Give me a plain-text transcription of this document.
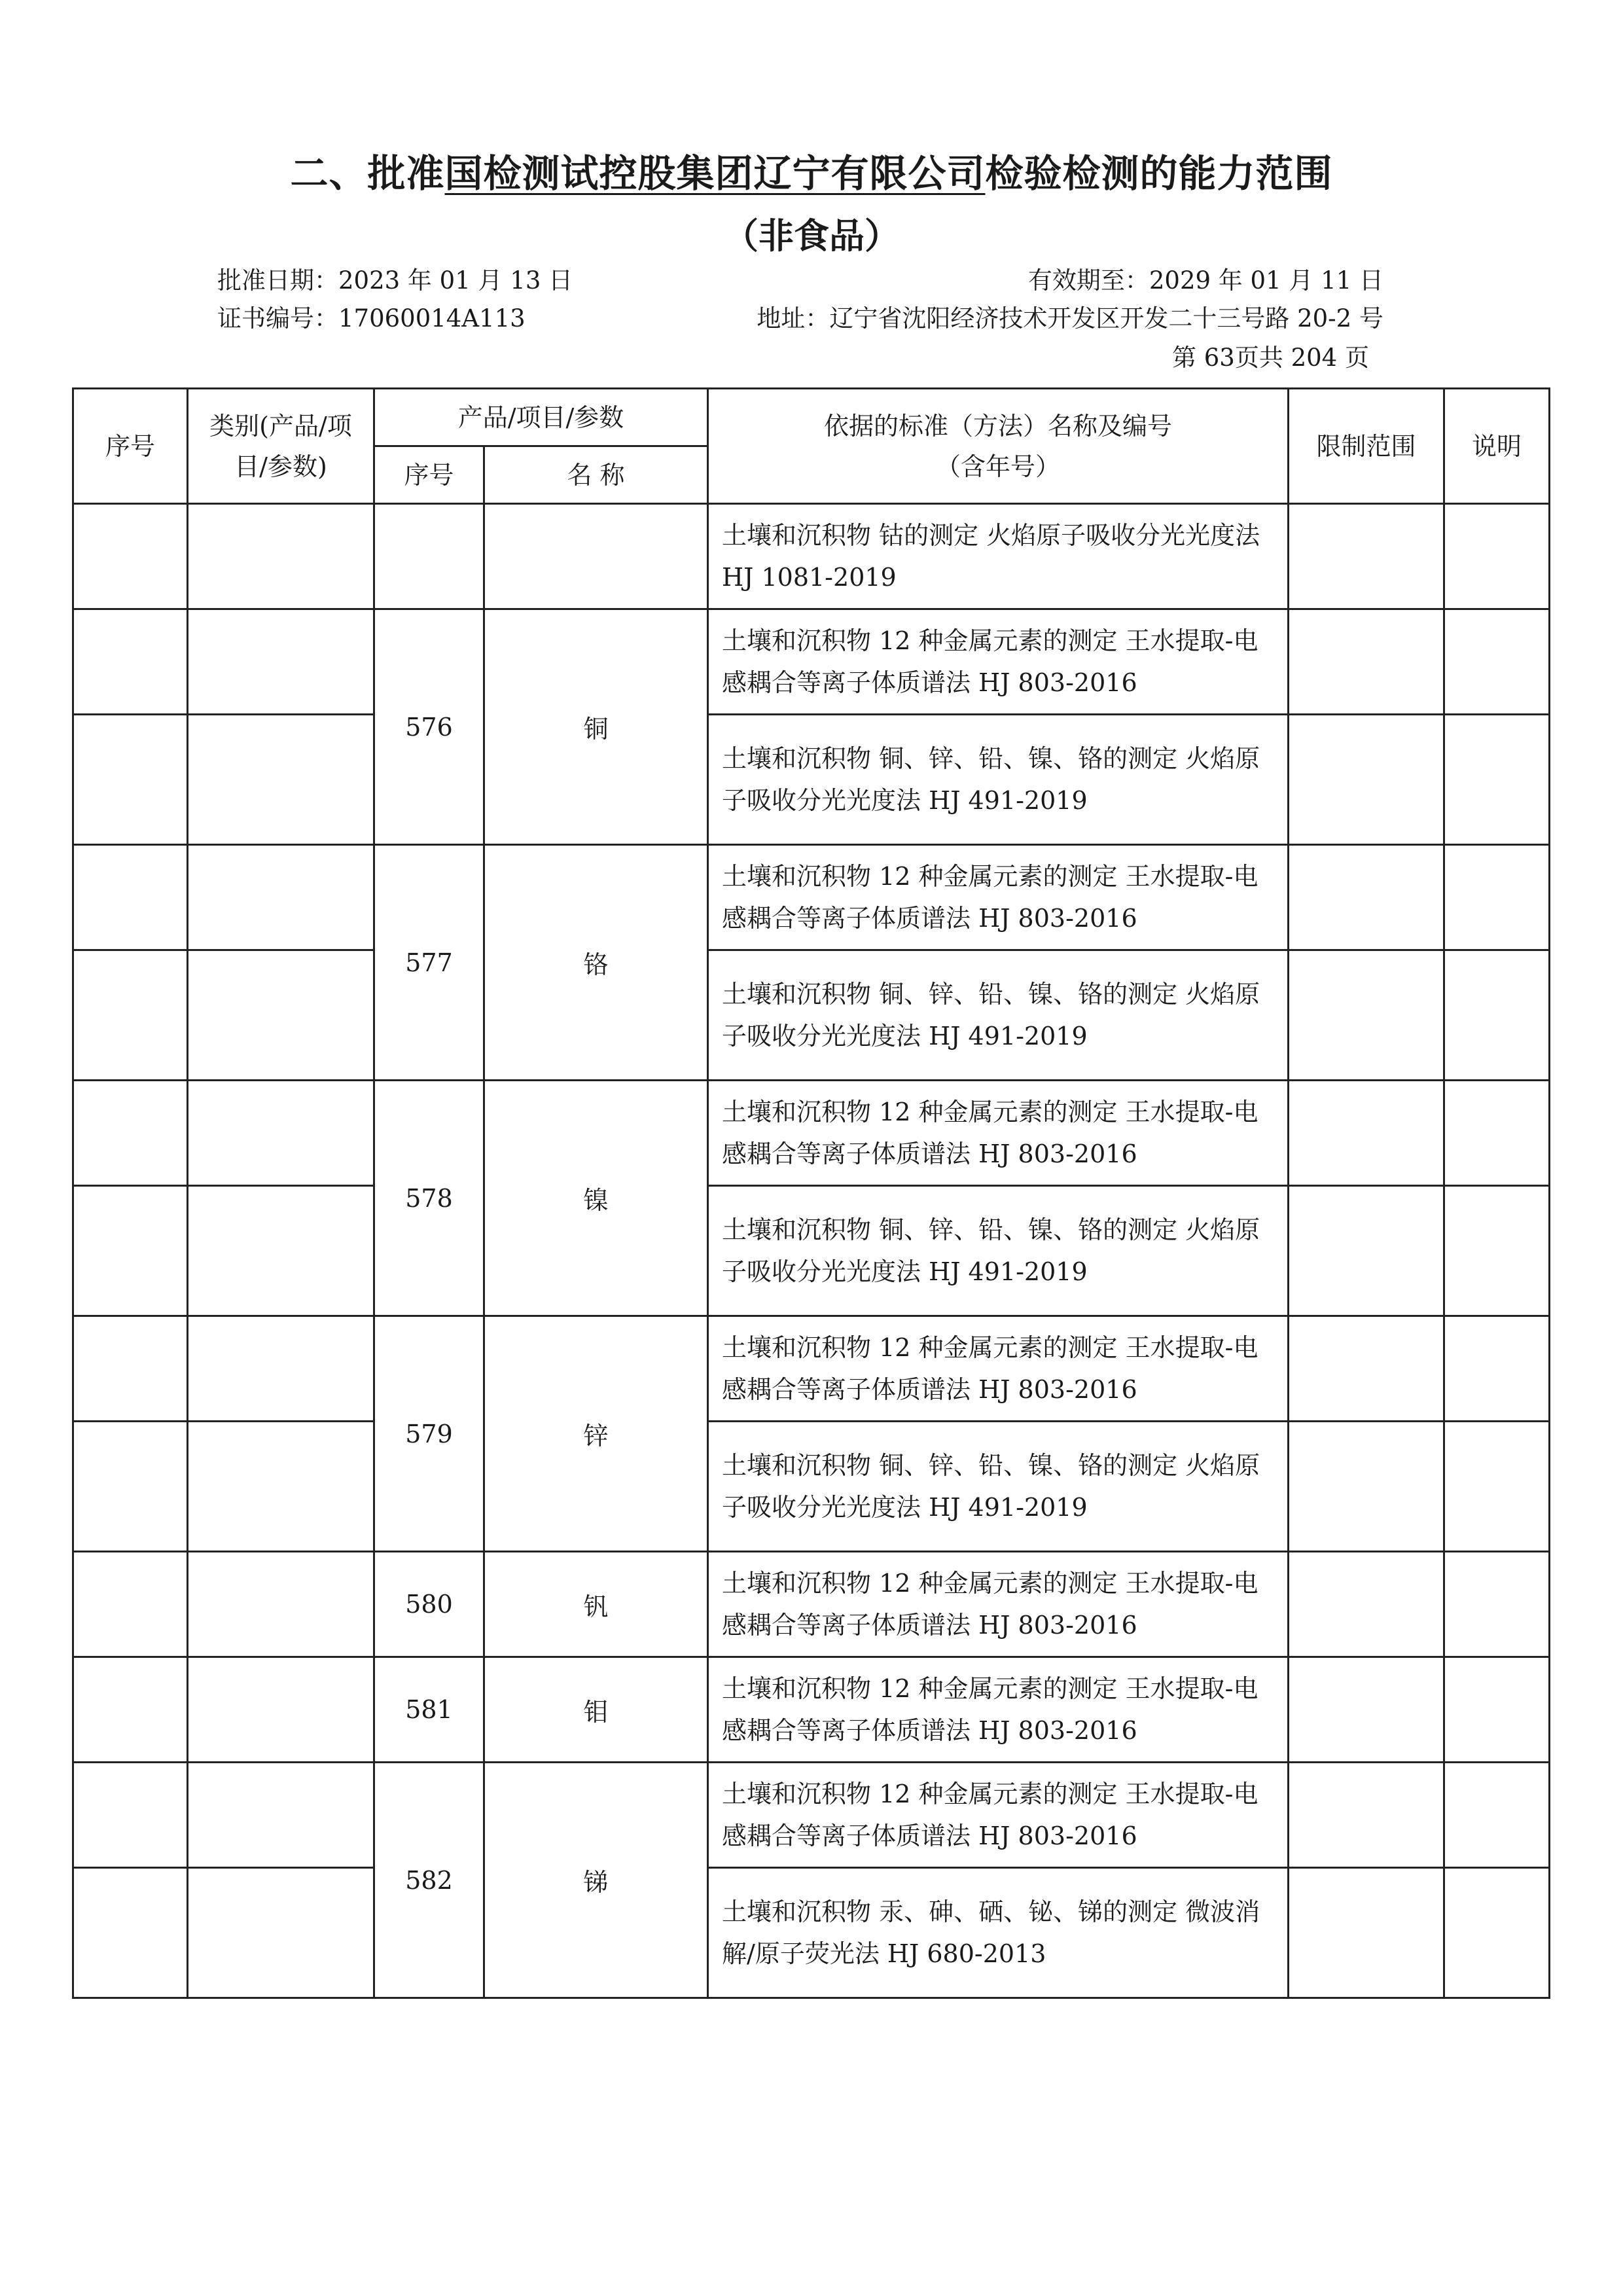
二、批准国检测试控股集团辽宁有限公司检验检测的能力范围
（非食品）
批准日期：2023 年 01 月 13 日	有效期至：2029 年 01 月 11 日
证书编号：17060014A113	地址：辽宁省沈阳经济技术开发区开发二十三号路 20-2 号
第 63页共 204 页
序号	类别(产品/项目/参数)	产品/项目/参数		依据的标准（方法）名称及编号（含年号）	限制范围	说明
		序号	名 称			
				土壤和沉积物 钴的测定 火焰原子吸收分光光度法 HJ 1081-2019		
		576	铜	土壤和沉积物 12 种金属元素的测定 王水提取-电感耦合等离子体质谱法 HJ 803-2016		
				土壤和沉积物 铜、锌、铅、镍、铬的测定 火焰原子吸收分光光度法 HJ 491-2019		
		577	铬	土壤和沉积物 12 种金属元素的测定 王水提取-电感耦合等离子体质谱法 HJ 803-2016		
				土壤和沉积物 铜、锌、铅、镍、铬的测定 火焰原子吸收分光光度法 HJ 491-2019		
		578	镍	土壤和沉积物 12 种金属元素的测定 王水提取-电感耦合等离子体质谱法 HJ 803-2016		
				土壤和沉积物 铜、锌、铅、镍、铬的测定 火焰原子吸收分光光度法 HJ 491-2019		
		579	锌	土壤和沉积物 12 种金属元素的测定 王水提取-电感耦合等离子体质谱法 HJ 803-2016		
				土壤和沉积物 铜、锌、铅、镍、铬的测定 火焰原子吸收分光光度法 HJ 491-2019		
		580	钒	土壤和沉积物 12 种金属元素的测定 王水提取-电感耦合等离子体质谱法 HJ 803-2016		
		581	钼	土壤和沉积物 12 种金属元素的测定 王水提取-电感耦合等离子体质谱法 HJ 803-2016		
		582	锑	土壤和沉积物 12 种金属元素的测定 王水提取-电感耦合等离子体质谱法 HJ 803-2016		
				土壤和沉积物 汞、砷、硒、铋、锑的测定 微波消解/原子荧光法 HJ 680-2013		
